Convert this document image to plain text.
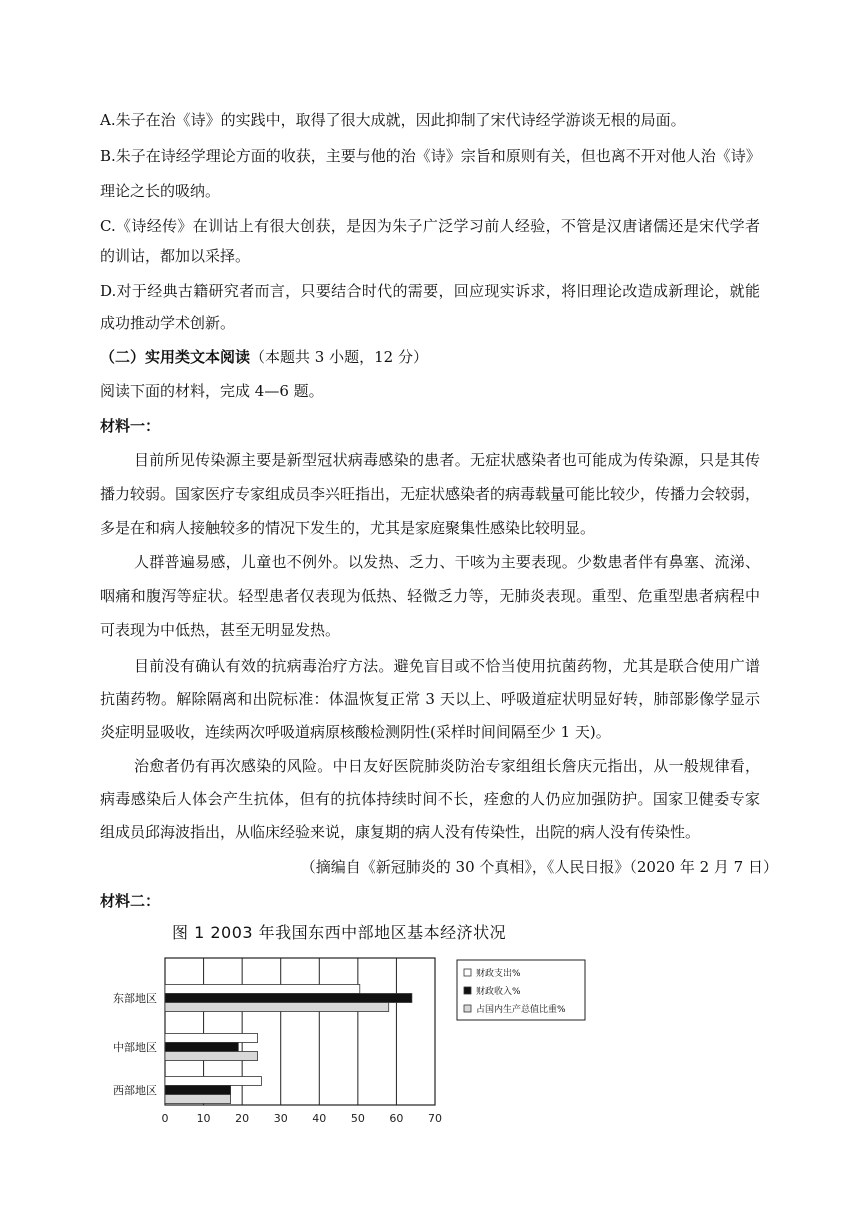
A.朱子在治《诗》的实践中，取得了很大成就，因此抑制了宋代诗经学游谈无根的局面。
B.朱子在诗经学理论方面的收获，主要与他的治《诗》宗旨和原则有关，但也离不开对他人治《诗》
理论之长的吸纳。
C.《诗经传》在训诂上有很大创获，是因为朱子广泛学习前人经验，不管是汉唐诸儒还是宋代学者
的训诂，都加以采择。
D.对于经典古籍研究者而言，只要结合时代的需要，回应现实诉求，将旧理论改造成新理论，就能
成功推动学术创新。
（二）实用类文本阅读（本题共 3 小题，12 分）
阅读下面的材料，完成 4—6 题。
材料一：
目前所见传染源主要是新型冠状病毒感染的患者。无症状感染者也可能成为传染源，只是其传
播力较弱。国家医疗专家组成员李兴旺指出，无症状感染者的病毒载量可能比较少，传播力会较弱，
多是在和病人接触较多的情况下发生的，尤其是家庭聚集性感染比较明显。
人群普遍易感，儿童也不例外。以发热、乏力、干咳为主要表现。少数患者伴有鼻塞、流涕、
咽痛和腹泻等症状。轻型患者仅表现为低热、轻微乏力等，无肺炎表现。重型、危重型患者病程中
可表现为中低热，甚至无明显发热。
目前没有确认有效的抗病毒治疗方法。避免盲目或不恰当使用抗菌药物，尤其是联合使用广谱
抗菌药物。解除隔离和出院标准：体温恢复正常 3 天以上、呼吸道症状明显好转，肺部影像学显示
炎症明显吸收，连续两次呼吸道病原核酸检测阴性(采样时间间隔至少 1 天)。
治愈者仍有再次感染的风险。中日友好医院肺炎防治专家组组长詹庆元指出，从一般规律看，
病毒感染后人体会产生抗体，但有的抗体持续时间不长，痊愈的人仍应加强防护。国家卫健委专家
组成员邱海波指出，从临床经验来说，康复期的病人没有传染性，出院的病人没有传染性。
（摘编自《新冠肺炎的 30 个真相》，《人民日报》（2020 年 2 月 7 日）
材料二：
图 1 2003 年我国东西中部地区基本经济状况
0	10 20 30 40 50 60 70
东部地区
中部地区
西部地区
财政支出%
财政收入%
占国内生产总值比重%
